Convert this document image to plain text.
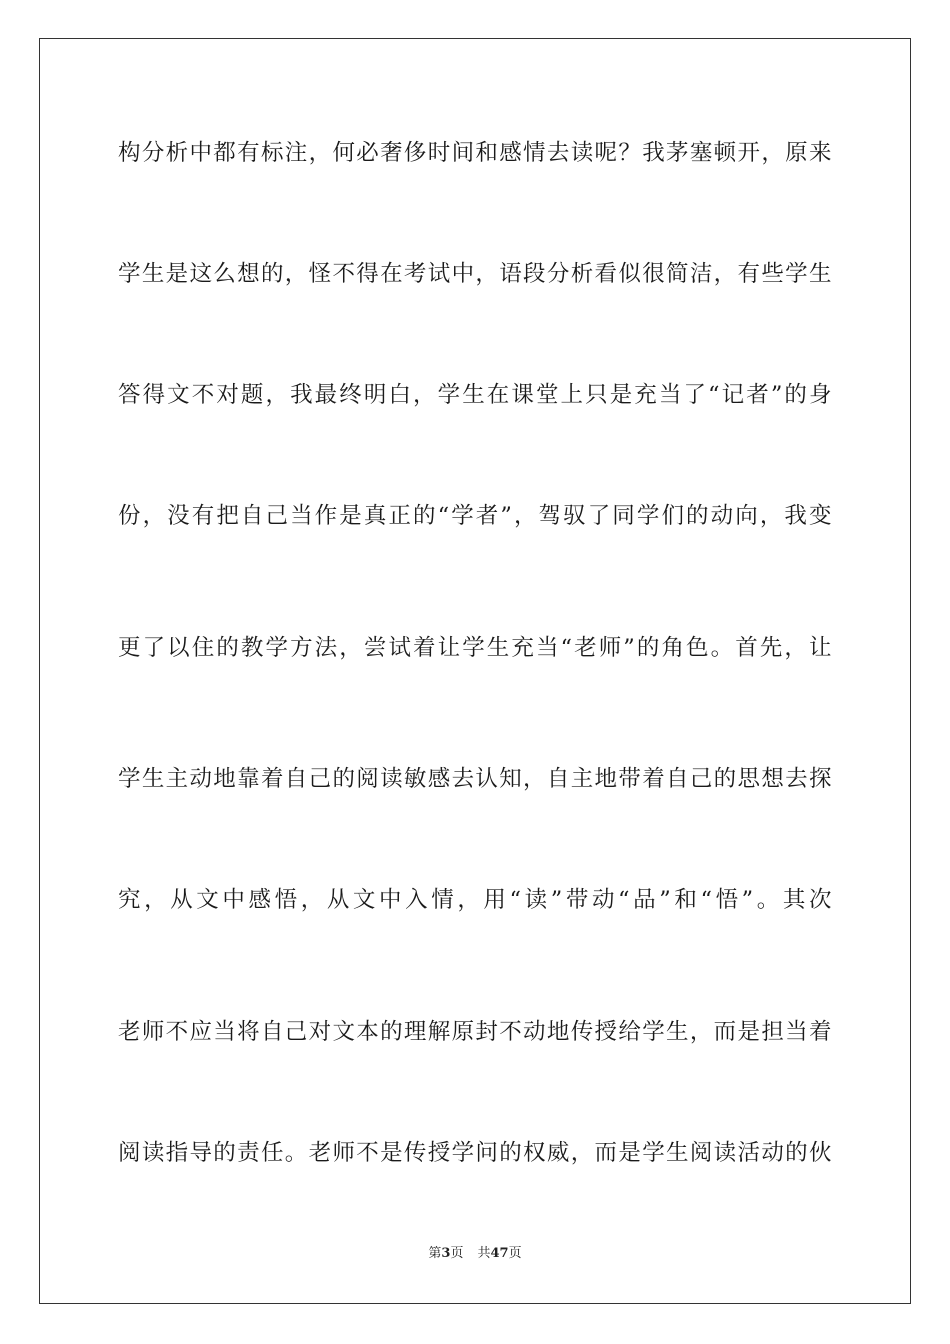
构分析中都有标注，何必奢侈时间和感情去读呢？我茅塞顿开，原来
学生是这么想的，怪不得在考试中，语段分析看似很简洁，有些学生
答得文不对题，我最终明白，学生在课堂上只是充当了“记者”的身
份，没有把自己当作是真正的“学者”，驾驭了同学们的动向，我变
更了以住的教学方法，尝试着让学生充当“老师”的角色。首先，让
学生主动地靠着自己的阅读敏感去认知，自主地带着自己的思想去探
究，从文中感悟，从文中入情，用“读”带动“品”和“悟”。其次
老师不应当将自己对文本的理解原封不动地传授给学生，而是担当着
阅读指导的责任。老师不是传授学问的权威，而是学生阅读活动的伙
第3页 共47页
